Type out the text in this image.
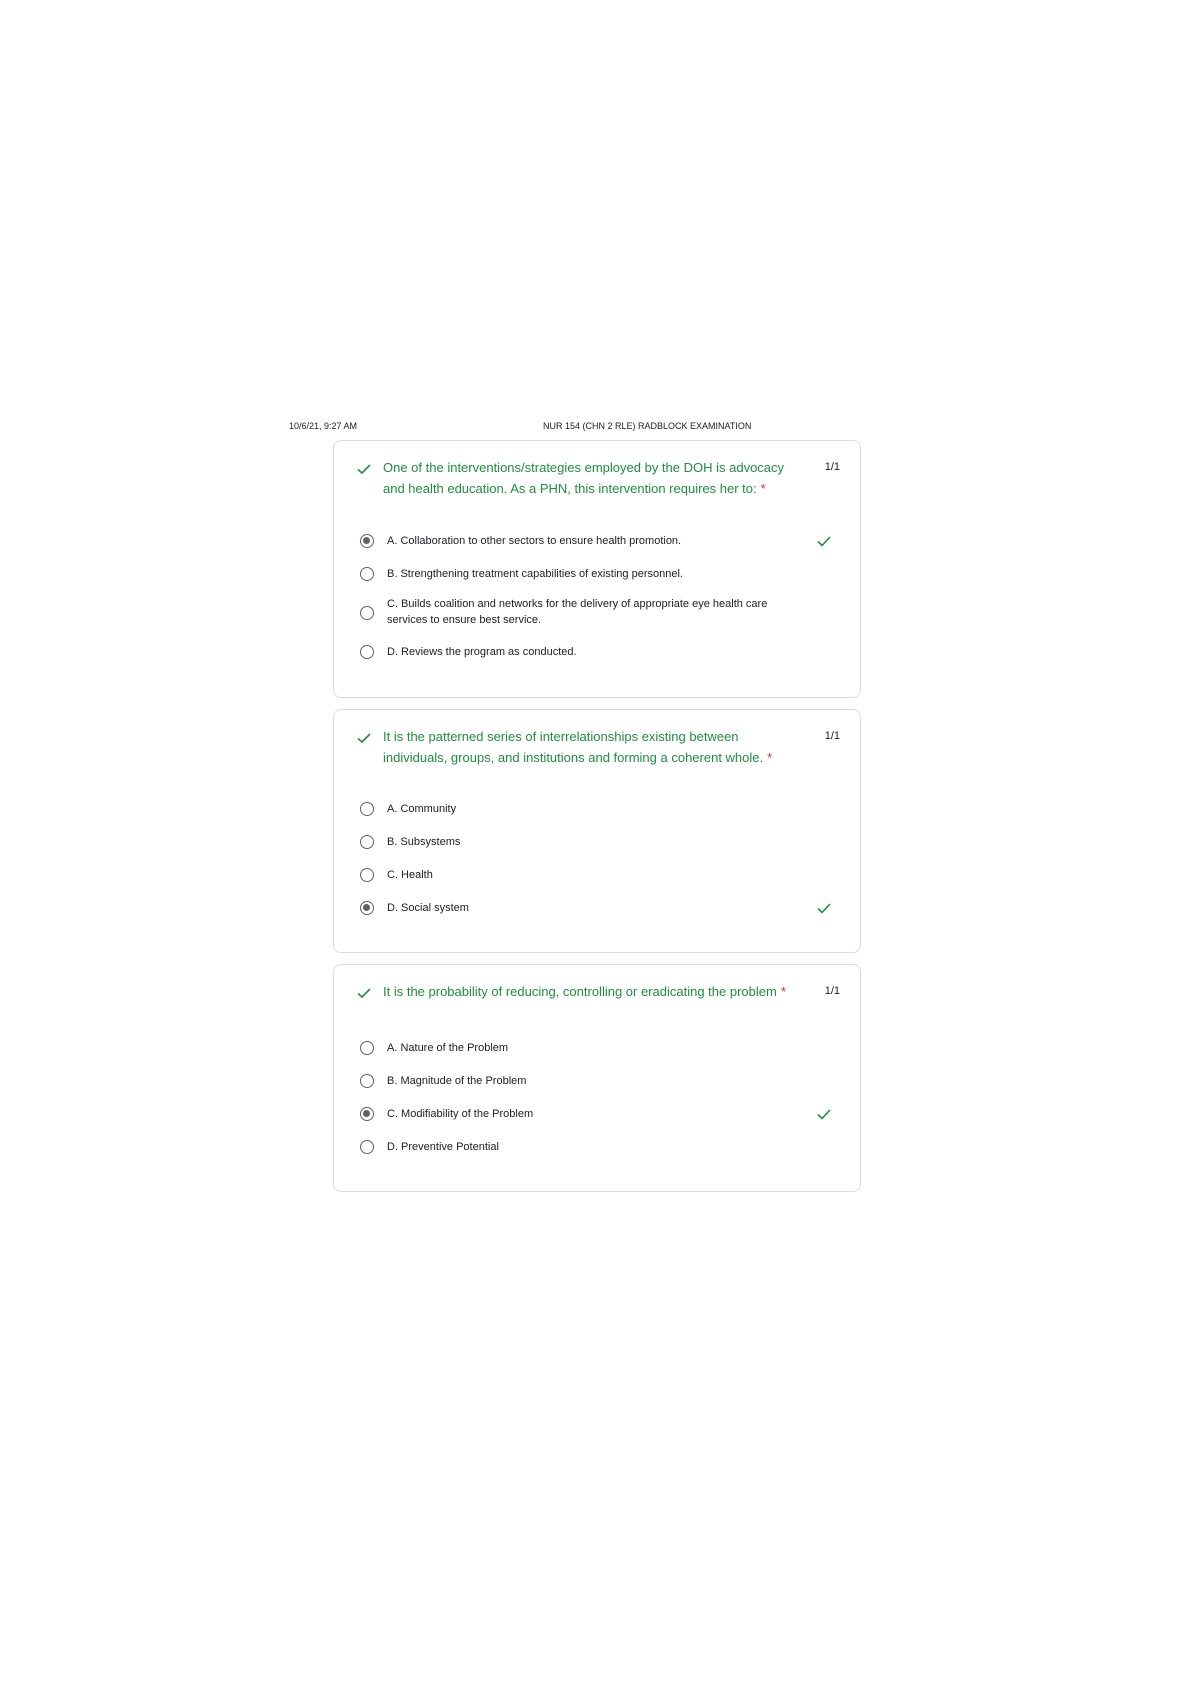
10/6/21, 9:27 AM	NUR 154 (CHN 2 RLE) RADBLOCK EXAMINATION
One of the interventions/strategies employed by the DOH is advocacy and health education. As a PHN, this intervention requires her to: *
1/1
A. Collaboration to other sectors to ensure health promotion.
B. Strengthening treatment capabilities of existing personnel.
C. Builds coalition and networks for the delivery of appropriate eye health care services to ensure best service.
D. Reviews the program as conducted.
It is the patterned series of interrelationships existing between individuals, groups, and institutions and forming a coherent whole. *
1/1
A. Community
B. Subsystems
C. Health
D. Social system
It is the probability of reducing, controlling or eradicating the problem *	1/1
A. Nature of the Problem
B. Magnitude of the Problem
C. Modifiability of the Problem
D. Preventive Potential
